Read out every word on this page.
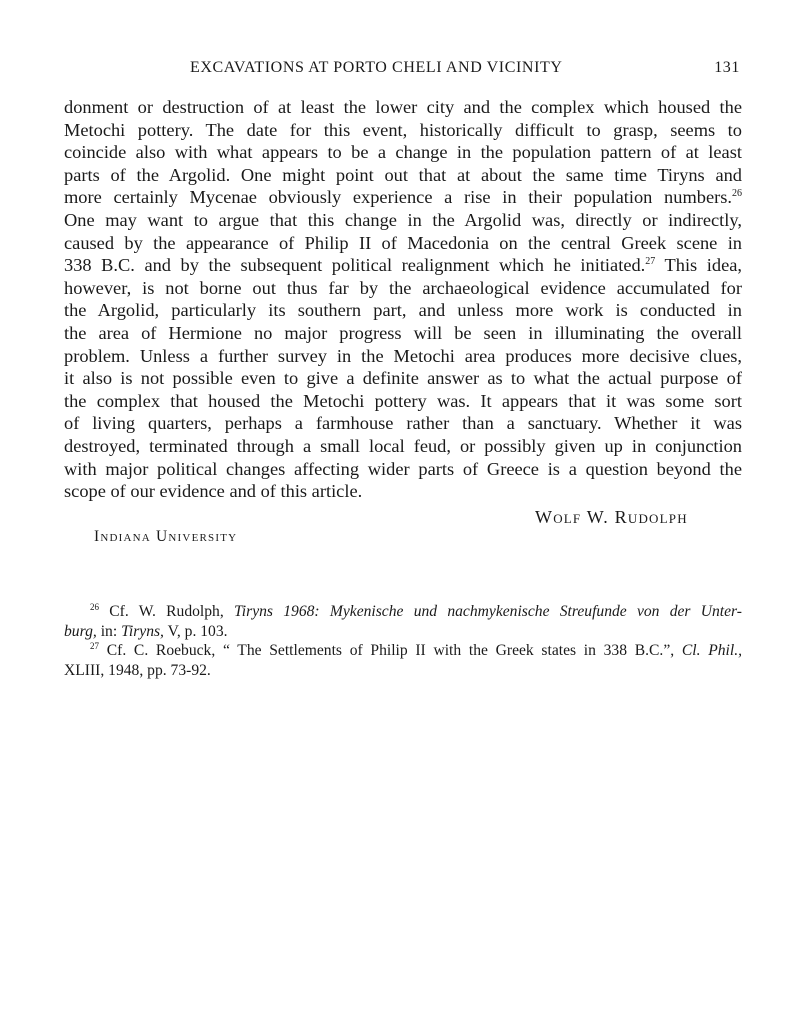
EXCAVATIONS AT PORTO CHELI AND VICINITY	131

donment or destruction of at least the lower city and the complex which housed the
Metochi pottery. The date for this event, historically difficult to grasp, seems to
coincide also with what appears to be a change in the population pattern of at least
parts of the Argolid. One might point out that at about the same time Tiryns and
more certainly Mycenae obviously experience a rise in their population numbers.$^{26}$
One may want to argue that this change in the Argolid was, directly or indirectly,
caused by the appearance of Philip II of Macedonia on the central Greek scene in
338 B.C. and by the subsequent political realignment which he initiated.$^{27}$ This idea,
however, is not borne out thus far by the archaeological evidence accumulated for
the Argolid, particularly its southern part, and unless more work is conducted in
the area of Hermione no major progress will be seen in illuminating the overall
problem. Unless a further survey in the Metochi area produces more decisive clues,
it also is not possible even to give a definite answer as to what the actual purpose of
the complex that housed the Metochi pottery was. It appears that it was some sort
of living quarters, perhaps a farmhouse rather than a sanctuary. Whether it was
destroyed, terminated through a small local feud, or possibly given up in conjunction
with major political changes affecting wider parts of Greece is a question beyond the
scope of our evidence and of this article.

Wolf W. Rudolph
Indiana University
$^{26}$ Cf. W. Rudolph, Tiryns 1968: Mykenische und nachmykenische Streufunde von der Unter-
burg, in: Tiryns, V, p. 103.
$^{27}$ Cf. C. Roebuck, “ The Settlements of Philip II with the Greek states in 338 B.C.”, Cl. Phil.,
XLIII, 1948, pp. 73-92.
